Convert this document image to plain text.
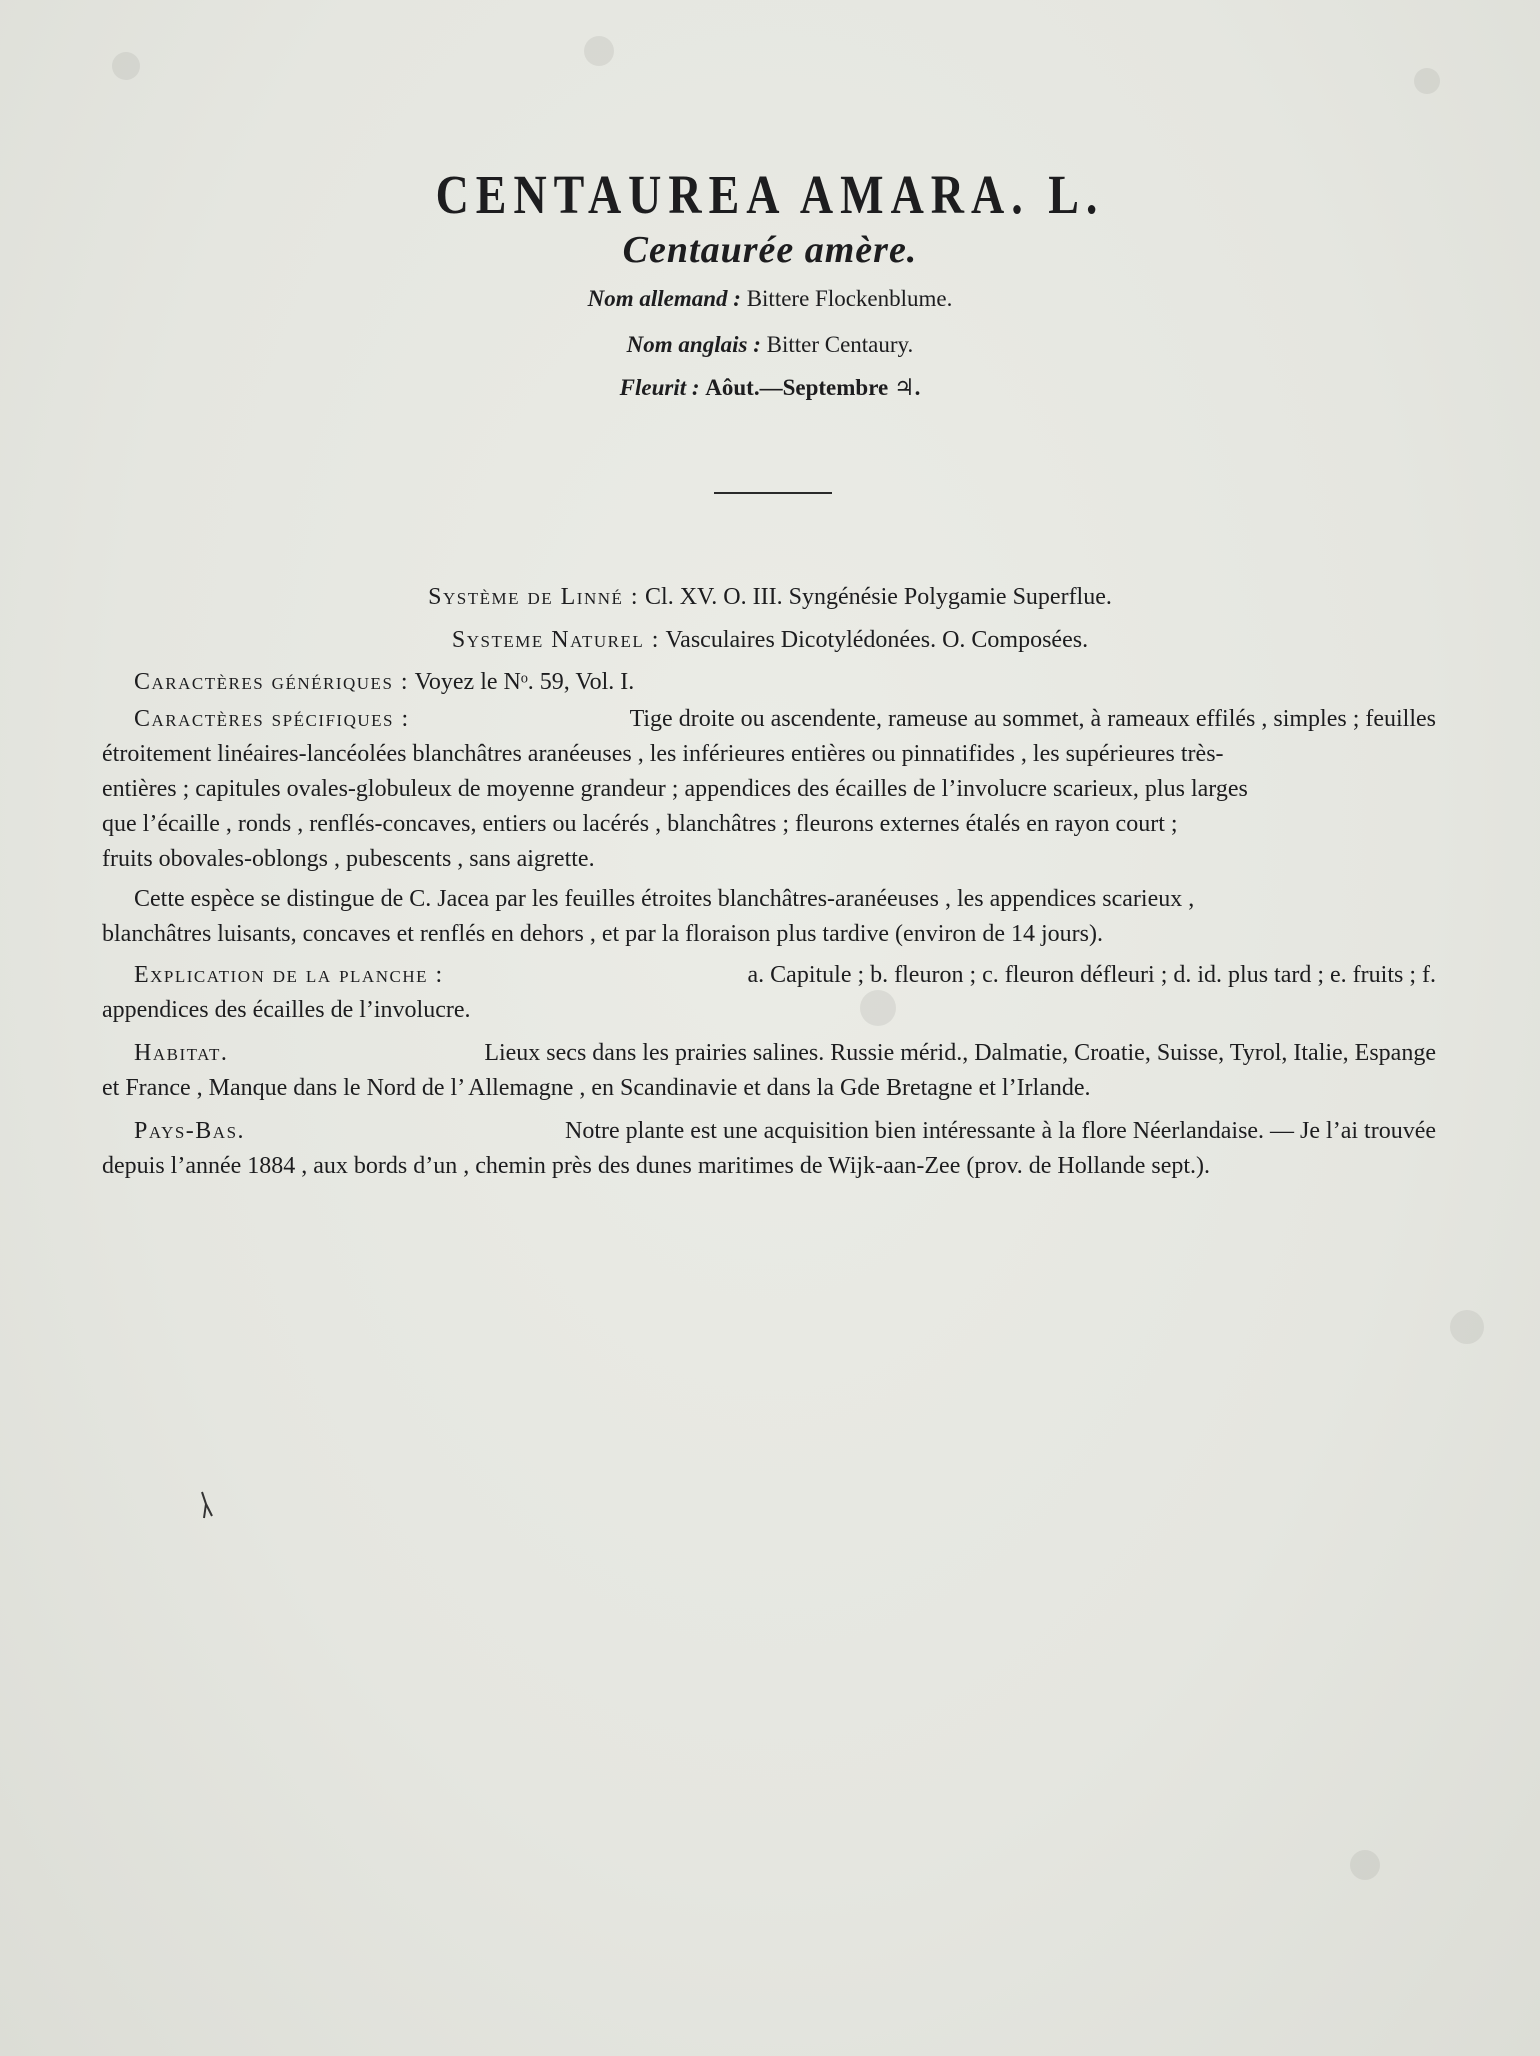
CENTAUREA AMARA. L.
Centaurée amère.
Nom allemand : Bittere Flockenblume.
Nom anglais : Bitter Centaury.
Fleurit : Aôut.—Septembre ♃.
Système de Linné : Cl. XV. O. III. Syngénésie Polygamie Superflue.
Systeme Naturel : Vasculaires Dicotylédonées. O. Composées.
Caractères génériques : Voyez le Nᵒ. 59, Vol. I.
Caractères spécifiques :
	Tige droite ou ascendente, rameuse au sommet, à rameaux effilés , simples ; feuilles
étroitement linéaires-lancéolées blanchâtres aranéeuses , les inférieures entières ou pinnatifides , les supérieures très-
entières ; capitules ovales-globuleux de moyenne grandeur ; appendices des écailles de l’involucre scarieux, plus larges
que l’écaille , ronds , renflés-concaves, entiers ou lacérés , blanchâtres ; fleurons externes étalés en rayon court ;
fruits obovales-oblongs , pubescents , sans aigrette.
Cette espèce se distingue de C. Jacea par les feuilles étroites blanchâtres-aranéeuses , les appendices scarieux ,
blanchâtres luisants, concaves et renflés en dehors , et par la floraison plus tardive (environ de 14 jours).
Explication de la planche :
	a. Capitule ; b. fleuron ; c. fleuron défleuri ; d. id. plus tard ; e. fruits ; f.
appendices des écailles de l’involucre.
Habitat.
	Lieux secs dans les prairies salines. Russie mérid., Dalmatie, Croatie, Suisse, Tyrol, Italie, Espange
et France , Manque dans le Nord de l’ Allemagne , en Scandinavie et dans la Gde Bretagne et l’Irlande.
Pays-Bas.
	Notre plante est une acquisition bien intéressante à la flore Néerlandaise. — Je l’ai trouvée
depuis l’année 1884 , aux bords d’un , chemin près des dunes maritimes de Wijk-aan-Zee (prov. de Hollande sept.).
